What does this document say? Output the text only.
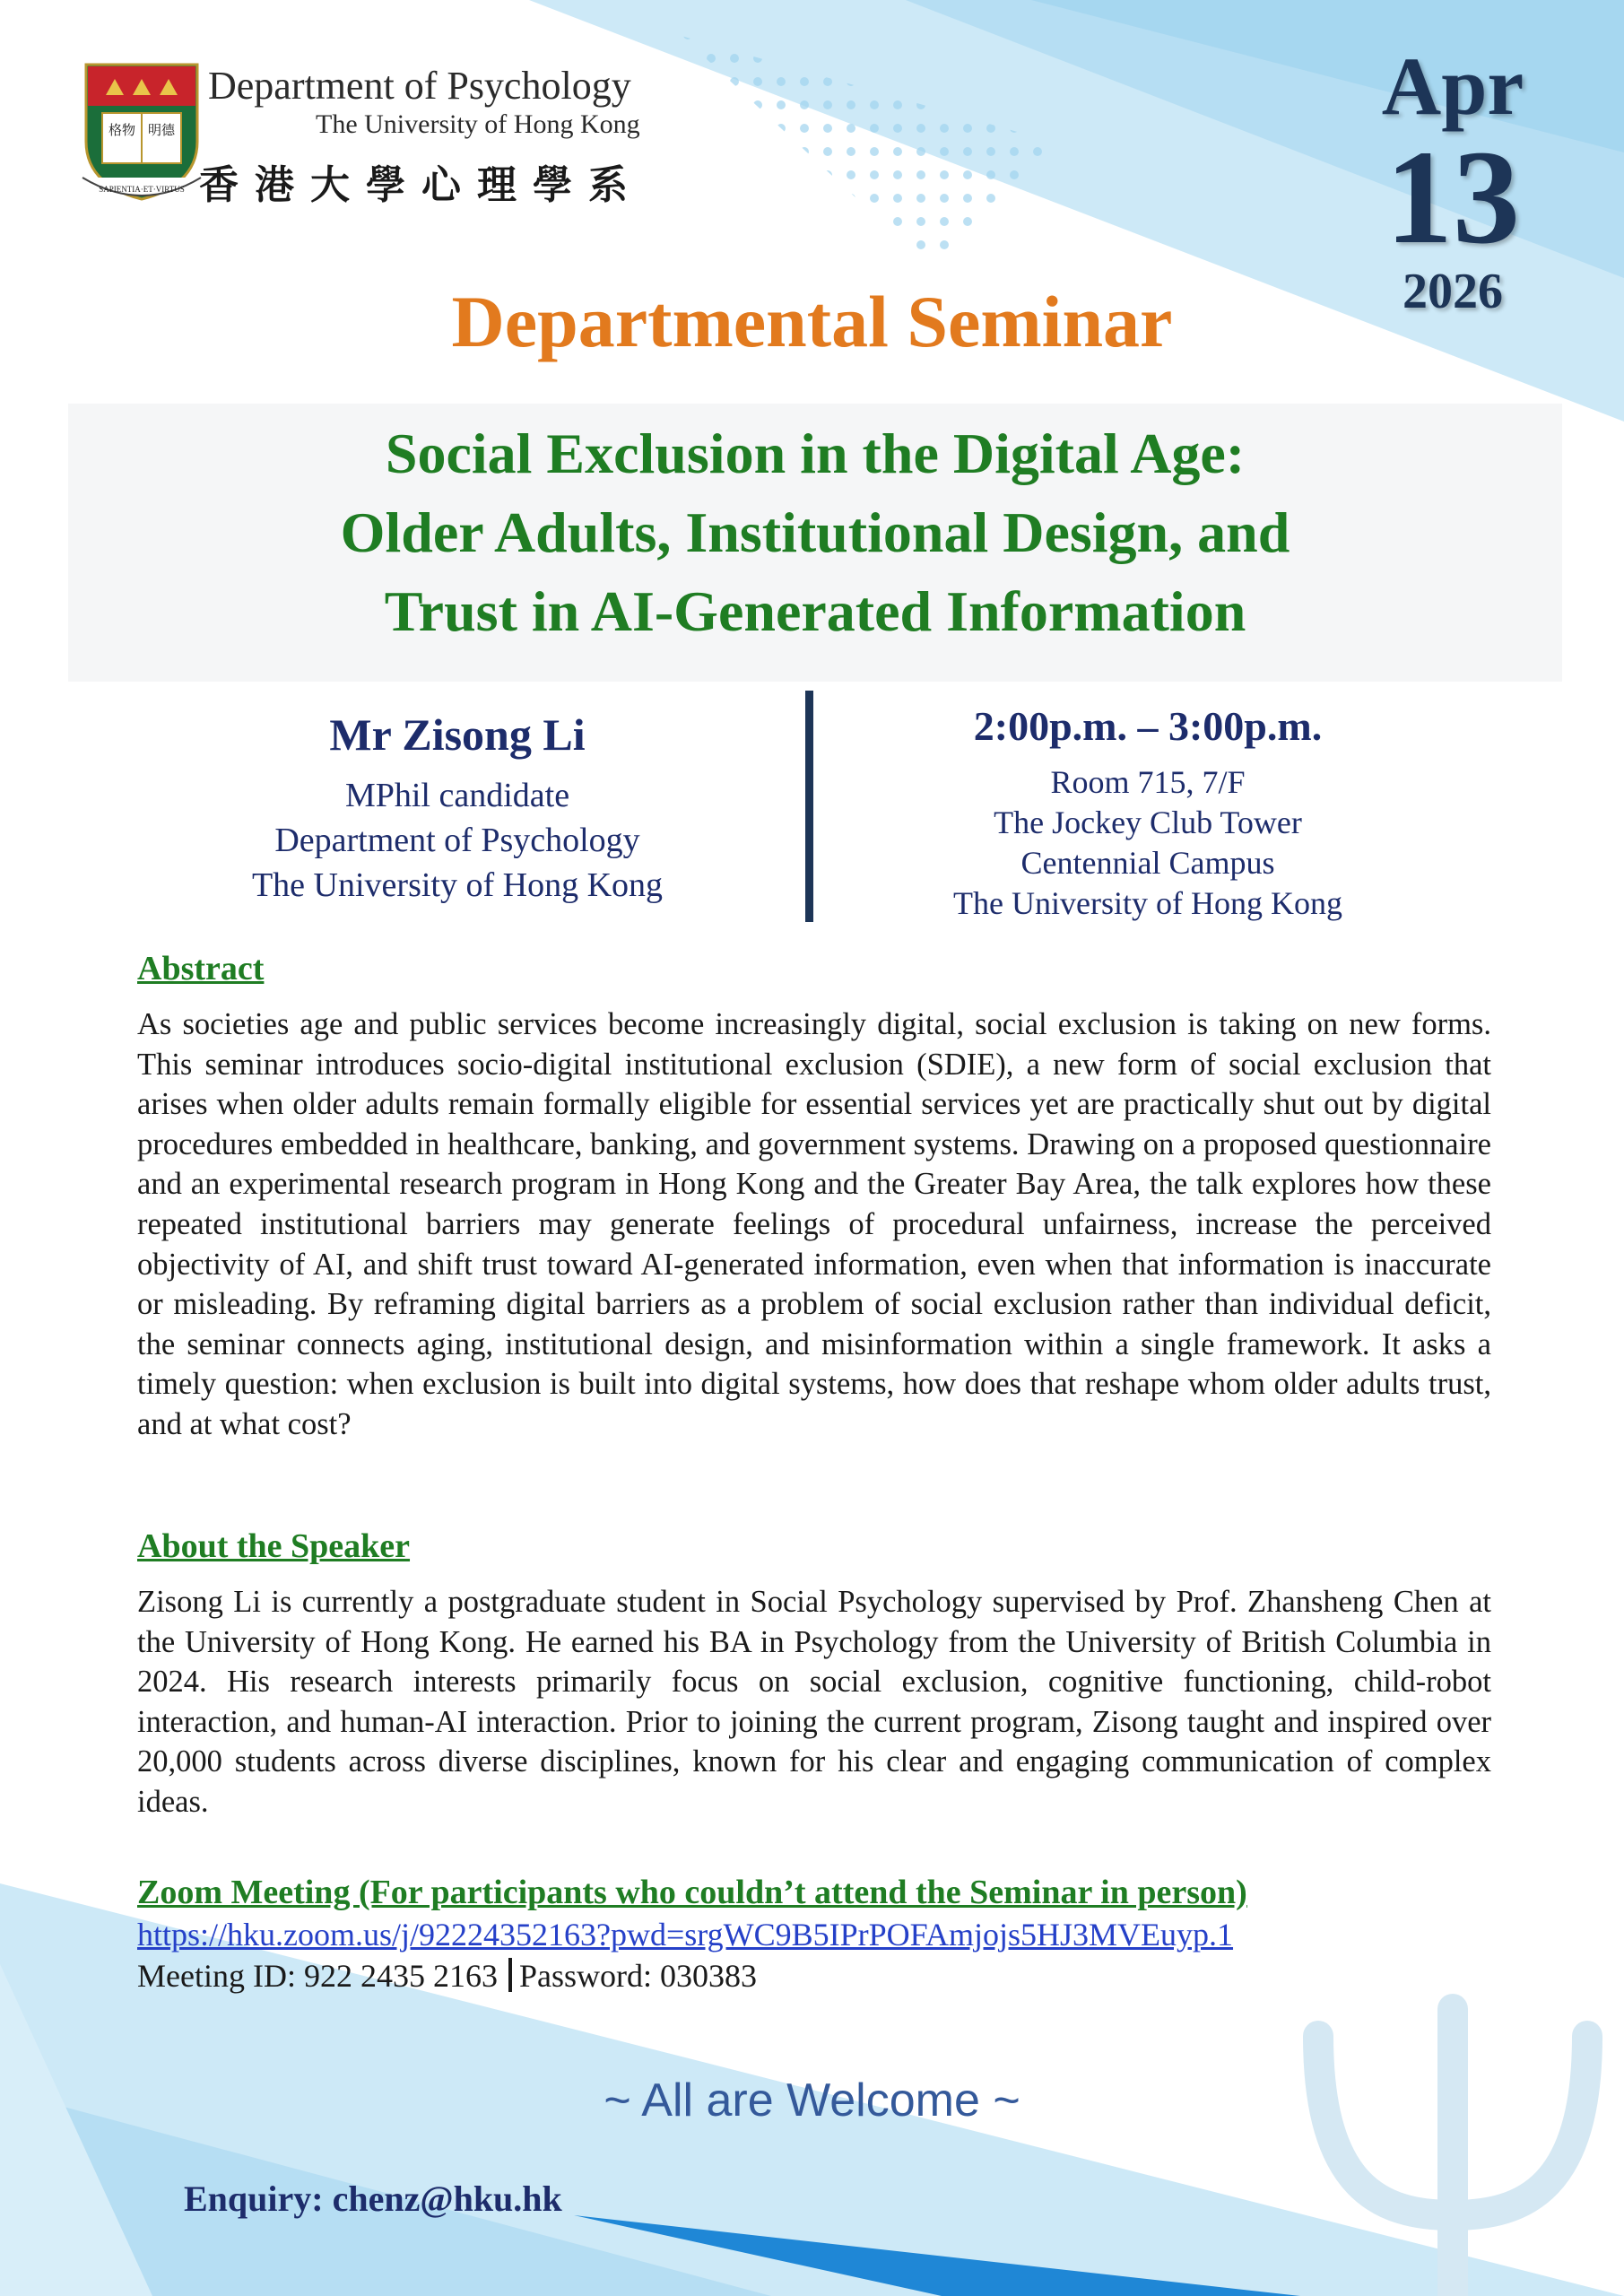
格物 明德
SAPIENTIA·ET·VIRTUS
Department of Psychology
The University of Hong Kong
香港大學心理學系
Apr
13
2026
Departmental Seminar
Social Exclusion in the Digital Age:
Older Adults, Institutional Design, and
Trust in AI-Generated Information
Mr Zisong Li
MPhil candidate
Department of Psychology
The University of Hong Kong
2:00p.m. – 3:00p.m.
Room 715, 7/F
The Jockey Club Tower
Centennial Campus
The University of Hong Kong
Abstract
As societies age and public services become increasingly digital, social exclusion is taking on new forms. This seminar introduces socio-digital institutional exclusion (SDIE), a new form of social exclusion that arises when older adults remain formally eligible for essential services yet are practically shut out by digital procedures embedded in healthcare, banking, and government systems. Drawing on a proposed questionnaire and an experimental research program in Hong Kong and the Greater Bay Area, the talk explores how these repeated institutional barriers may generate feelings of procedural unfairness, increase the perceived objectivity of AI, and shift trust toward AI-generated information, even when that information is inaccurate or misleading. By reframing digital barriers as a problem of social exclusion rather than individual deficit, the seminar connects aging, institutional design, and misinformation within a single framework. It asks a timely question: when exclusion is built into digital systems, how does that reshape whom older adults trust, and at what cost?
About the Speaker
Zisong Li is currently a postgraduate student in Social Psychology supervised by Prof. Zhansheng Chen at the University of Hong Kong. He earned his BA in Psychology from the University of British Columbia in 2024. His research interests primarily focus on social exclusion, cognitive functioning, child-robot interaction, and human-AI interaction. Prior to joining the current program, Zisong taught and inspired over 20,000 students across diverse disciplines, known for his clear and engaging communication of complex ideas.
Zoom Meeting (For participants who couldn’t attend the Seminar in person)
https://hku.zoom.us/j/92224352163?pwd=srgWC9B5IPrPOFAmjojs5HJ3MVEuyp.1
Meeting ID: 922 2435 2163 Password: 030383
~ All are Welcome ~
Enquiry: chenz@hku.hk
